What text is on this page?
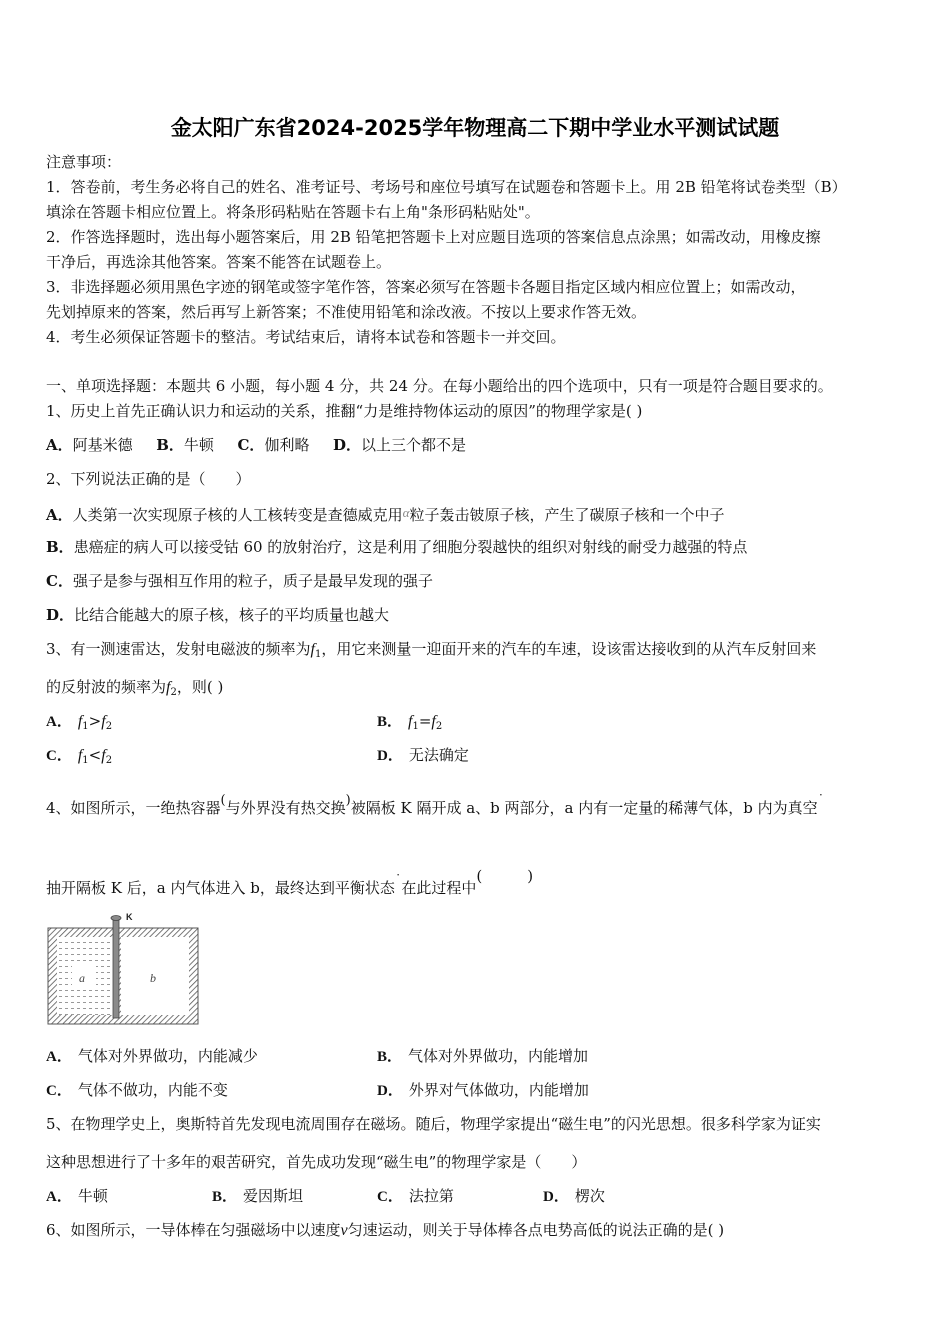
金太阳广东省2024-2025学年物理高二下期中学业水平测试试题
注意事项：
1．答卷前，考生务必将自己的姓名、准考证号、考场号和座位号填写在试题卷和答题卡上。用 2B 铅笔将试卷类型（B）
填涂在答题卡相应位置上。将条形码粘贴在答题卡右上角"条形码粘贴处"。
2．作答选择题时，选出每小题答案后，用 2B 铅笔把答题卡上对应题目选项的答案信息点涂黑；如需改动，用橡皮擦
干净后，再选涂其他答案。答案不能答在试题卷上。
3．非选择题必须用黑色字迹的钢笔或签字笔作答，答案必须写在答题卡各题目指定区域内相应位置上；如需改动，
先划掉原来的答案，然后再写上新答案；不准使用铅笔和涂改液。不按以上要求作答无效。
4．考生必须保证答题卡的整洁。考试结束后，请将本试卷和答题卡一并交回。
一、单项选择题：本题共 6 小题，每小题 4 分，共 24 分。在每小题给出的四个选项中，只有一项是符合题目要求的。
1、历史上首先正确认识力和运动的关系，推翻“力是维持物体运动的原因”的物理学家是( )
A．阿基米德 B．牛顿 C．伽利略 D．以上三个都不是
2、下列说法正确的是（　　）
A．人类第一次实现原子核的人工核转变是查德威克用α粒子轰击铍原子核，产生了碳原子核和一个中子
B．患癌症的病人可以接受钴 60 的放射治疗，这是利用了细胞分裂越快的组织对射线的耐受力越强的特点
C．强子是参与强相互作用的粒子，质子是最早发现的强子
D．比结合能越大的原子核，核子的平均质量也越大
3、有一测速雷达，发射电磁波的频率为$f_1$，用它来测量一迎面开来的汽车的车速，设该雷达接收到的从汽车反射回来
的反射波的频率为$f_2$，则( )
A． $f_1>f_2$	B． $f_1=f_2$
C． $f_1<f_2$	D． 无法确定
4、如图所示，一绝热容器(与外界没有热交换)被隔板 K 隔开成 a、b 两部分，a 内有一定量的稀薄气体，b 内为真空˙
抽开隔板 K 后，a 内气体进入 b，最终达到平衡状态˙在此过程中(　　　)
K
a	b
A． 气体对外界做功，内能减少	B． 气体对外界做功，内能增加
C． 气体不做功，内能不变	D． 外界对气体做功，内能增加
5、在物理学史上，奥斯特首先发现电流周围存在磁场。随后，物理学家提出“磁生电”的闪光思想。很多科学家为证实
这种思想进行了十多年的艰苦研究，首先成功发现“磁生电”的物理学家是（　　）
A． 牛顿	B． 爱因斯坦	C． 法拉第	D． 楞次
6、如图所示，一导体棒在匀强磁场中以速度v匀速运动，则关于导体棒各点电势高低的说法正确的是( )
